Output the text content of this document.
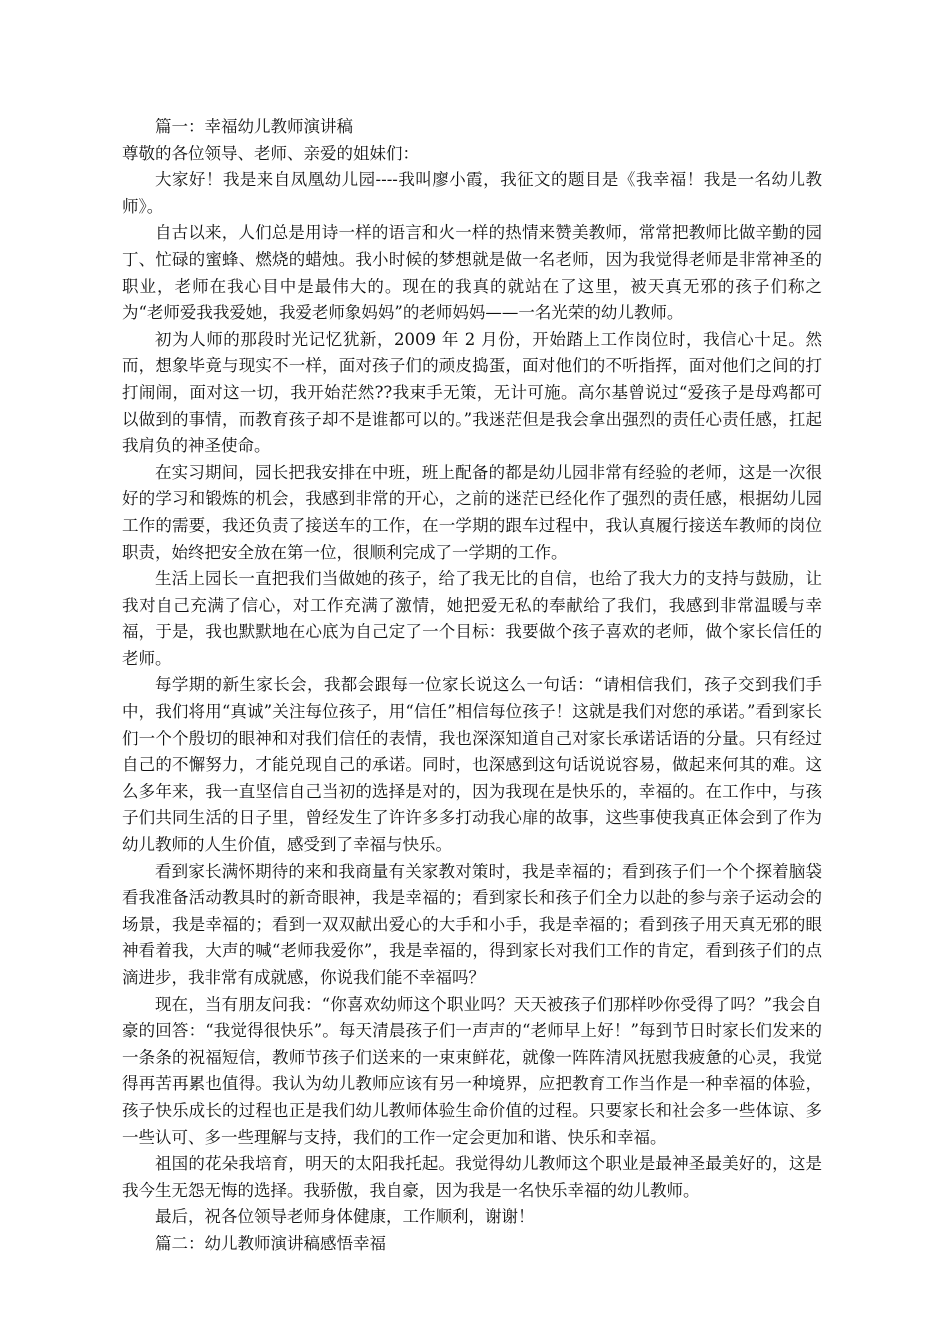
篇一：幸福幼儿教师演讲稿

尊敬的各位领导、老师、亲爱的姐妹们：

大家好！我是来自凤凰幼儿园----我叫廖小霞，我征文的题目是《我幸福！我是一名幼儿教师》。

自古以来，人们总是用诗一样的语言和火一样的热情来赞美教师，常常把教师比做辛勤的园丁、忙碌的蜜蜂、燃烧的蜡烛。我小时候的梦想就是做一名老师，因为我觉得老师是非常神圣的职业，老师在我心目中是最伟大的。现在的我真的就站在了这里，被天真无邪的孩子们称之为“老师爱我我爱她，我爱老师象妈妈”的老师妈妈——一名光荣的幼儿教师。

初为人师的那段时光记忆犹新，2009 年 2 月份，开始踏上工作岗位时，我信心十足。然而，想象毕竟与现实不一样，面对孩子们的顽皮捣蛋，面对他们的不听指挥，面对他们之间的打打闹闹，面对这一切，我开始茫然??我束手无策，无计可施。高尔基曾说过“爱孩子是母鸡都可以做到的事情，而教育孩子却不是谁都可以的。”我迷茫但是我会拿出强烈的责任心责任感，扛起我肩负的神圣使命。

在实习期间，园长把我安排在中班，班上配备的都是幼儿园非常有经验的老师，这是一次很好的学习和锻炼的机会，我感到非常的开心，之前的迷茫已经化作了强烈的责任感，根据幼儿园工作的需要，我还负责了接送车的工作，在一学期的跟车过程中，我认真履行接送车教师的岗位职责，始终把安全放在第一位，很顺利完成了一学期的工作。

生活上园长一直把我们当做她的孩子，给了我无比的自信，也给了我大力的支持与鼓励，让我对自己充满了信心，对工作充满了激情，她把爱无私的奉献给了我们，我感到非常温暖与幸福，于是，我也默默地在心底为自己定了一个目标：我要做个孩子喜欢的老师，做个家长信任的老师。

每学期的新生家长会，我都会跟每一位家长说这么一句话：“请相信我们，孩子交到我们手中，我们将用“真诚”关注每位孩子，用“信任”相信每位孩子！这就是我们对您的承诺。”看到家长们一个个殷切的眼神和对我们信任的表情，我也深深知道自己对家长承诺话语的分量。只有经过自己的不懈努力，才能兑现自己的承诺。同时，也深感到这句话说说容易，做起来何其的难。这么多年来，我一直坚信自己当初的选择是对的，因为我现在是快乐的，幸福的。在工作中，与孩子们共同生活的日子里，曾经发生了许许多多打动我心扉的故事，这些事使我真正体会到了作为幼儿教师的人生价值，感受到了幸福与快乐。

看到家长满怀期待的来和我商量有关家教对策时，我是幸福的；看到孩子们一个个探着脑袋看我准备活动教具时的新奇眼神，我是幸福的；看到家长和孩子们全力以赴的参与亲子运动会的场景，我是幸福的；看到一双双献出爱心的大手和小手，我是幸福的；看到孩子用天真无邪的眼神看着我，大声的喊“老师我爱你”，我是幸福的，得到家长对我们工作的肯定，看到孩子们的点滴进步，我非常有成就感，你说我们能不幸福吗？

现在，当有朋友问我：“你喜欢幼师这个职业吗？天天被孩子们那样吵你受得了吗？”我会自豪的回答：“我觉得很快乐”。每天清晨孩子们一声声的“老师早上好！”每到节日时家长们发来的一条条的祝福短信，教师节孩子们送来的一束束鲜花，就像一阵阵清风抚慰我疲惫的心灵，我觉得再苦再累也值得。我认为幼儿教师应该有另一种境界，应把教育工作当作是一种幸福的体验，孩子快乐成长的过程也正是我们幼儿教师体验生命价值的过程。只要家长和社会多一些体谅、多一些认可、多一些理解与支持，我们的工作一定会更加和谐、快乐和幸福。

祖国的花朵我培育，明天的太阳我托起。我觉得幼儿教师这个职业是最神圣最美好的，这是我今生无怨无悔的选择。我骄傲，我自豪，因为我是一名快乐幸福的幼儿教师。

最后，祝各位领导老师身体健康，工作顺利，谢谢！

篇二：幼儿教师演讲稿感悟幸福
